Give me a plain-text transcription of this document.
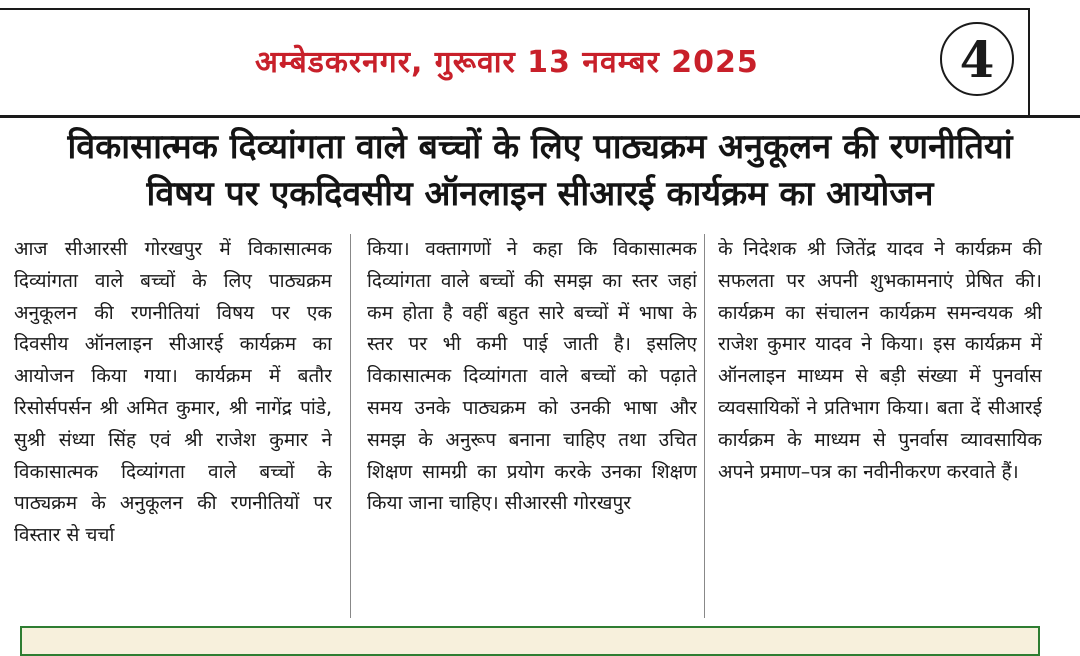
अम्बेडकरनगर, गुरूवार 13 नवम्बर 2025	4
विकासात्मक दिव्यांगता वाले बच्चों के लिए पाठ्यक्रम अनुकूलन की रणनीतियां
विषय पर एकदिवसीय ऑनलाइन सीआरई कार्यक्रम का आयोजन
आज सीआरसी गोरखपुर में विकासात्मक दिव्यांगता वाले बच्चों के लिए पाठ्यक्रम अनुकूलन की रणनीतियां विषय पर एक दिवसीय ऑनलाइन सीआरई कार्यक्रम का आयोजन किया गया। कार्यक्रम में बतौर रिसोर्सपर्सन श्री अमित कुमार, श्री नागेंद्र पांडे, सुश्री संध्या सिंह एवं श्री राजेश कुमार ने विकासात्मक दिव्यांगता वाले बच्चों के पाठ्यक्रम के अनुकूलन की रणनीतियों पर विस्तार से चर्चा
किया। वक्तागणों ने कहा कि विकासात्मक दिव्यांगता वाले बच्चों की समझ का स्तर जहां कम होता है वहीं बहुत सारे बच्चों में भाषा के स्तर पर भी कमी पाई जाती है। इसलिए विकासात्मक दिव्यांगता वाले बच्चों को पढ़ाते समय उनके पाठ्यक्रम को उनकी भाषा और समझ के अनुरूप बनाना चाहिए तथा उचित शिक्षण सामग्री का प्रयोग करके उनका शिक्षण किया जाना चाहिए। सीआरसी गोरखपुर
के निदेशक श्री जितेंद्र यादव ने कार्यक्रम की सफलता पर अपनी शुभकामनाएं प्रेषित की। कार्यक्रम का संचालन कार्यक्रम समन्वयक श्री राजेश कुमार यादव ने किया। इस कार्यक्रम में ऑनलाइन माध्यम से बड़ी संख्या में पुनर्वास व्यवसायिकों ने प्रतिभाग किया। बता दें सीआरई कार्यक्रम के माध्यम से पुनर्वास व्यावसायिक अपने प्रमाण–पत्र का नवीनीकरण करवाते हैं।
